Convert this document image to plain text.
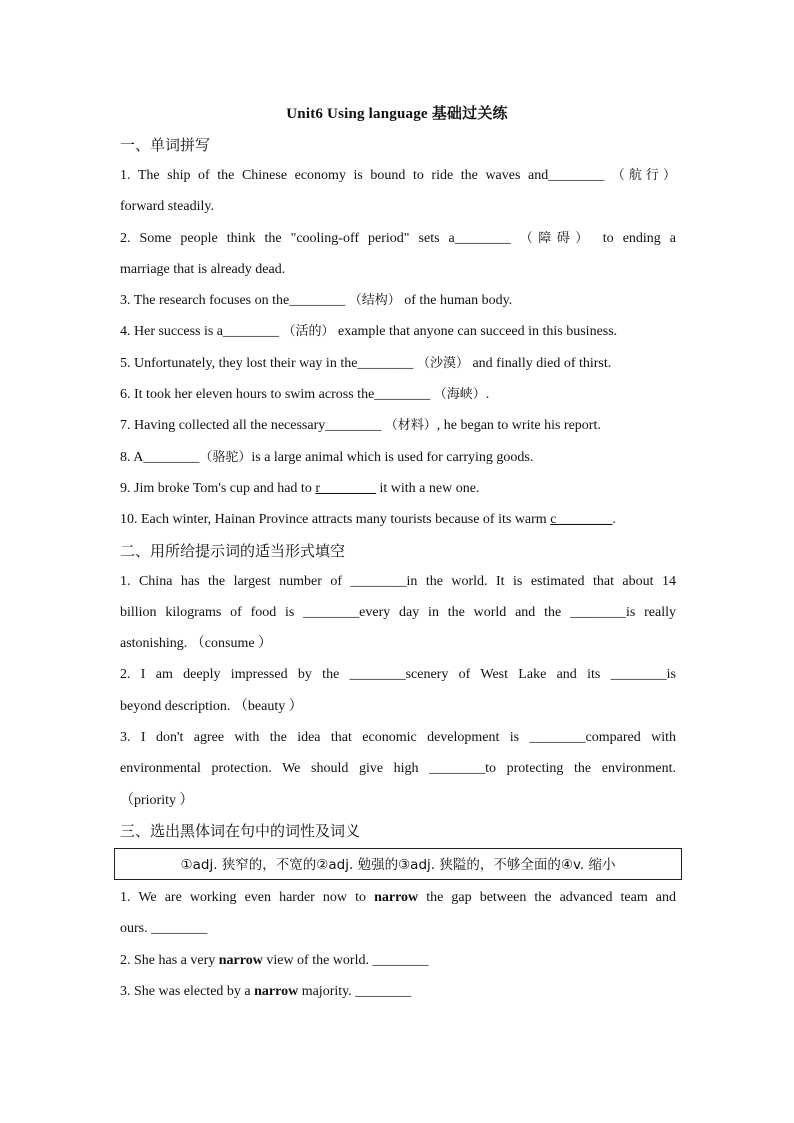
Unit6 Using language 基础过关练
一、单词拼写
1. The ship of the Chinese economy is bound to ride the waves and________ （航行）
forward steadily.
2. Some people think the "cooling-off period" sets a________ （障碍） to ending a
marriage that is already dead.
3. The research focuses on the________ （结构） of the human body.
4. Her success is a________ （活的） example that anyone can succeed in this business.
5. Unfortunately, they lost their way in the________ （沙漠） and finally died of thirst.
6. It took her eleven hours to swim across the________ （海峡）.
7. Having collected all the necessary________ （材料）, he began to write his report.
8. A________（骆驼）is a large animal which is used for carrying goods.
9. Jim broke Tom's cup and had to r________ it with a new one.
10. Each winter, Hainan Province attracts many tourists because of its warm c________.
二、用所给提示词的适当形式填空
1. China has the largest number of ________in the world. It is estimated that about 14
billion kilograms of food is ________every day in the world and the ________is really
astonishing. （consume ）
2. I am deeply impressed by the ________scenery of West Lake and its ________is
beyond description. （beauty ）
3. I don't agree with the idea that economic development is ________compared with
environmental protection. We should give high ________to protecting the environment.
（priority ）
三、选出黑体词在句中的词性及词义
①adj. 狭窄的，不宽的②adj. 勉强的③adj. 狭隘的，不够全面的④v. 缩小
1. We are working even harder now to narrow the gap between the advanced team and
ours. ________
2. She has a very narrow view of the world. ________
3. She was elected by a narrow majority. ________
